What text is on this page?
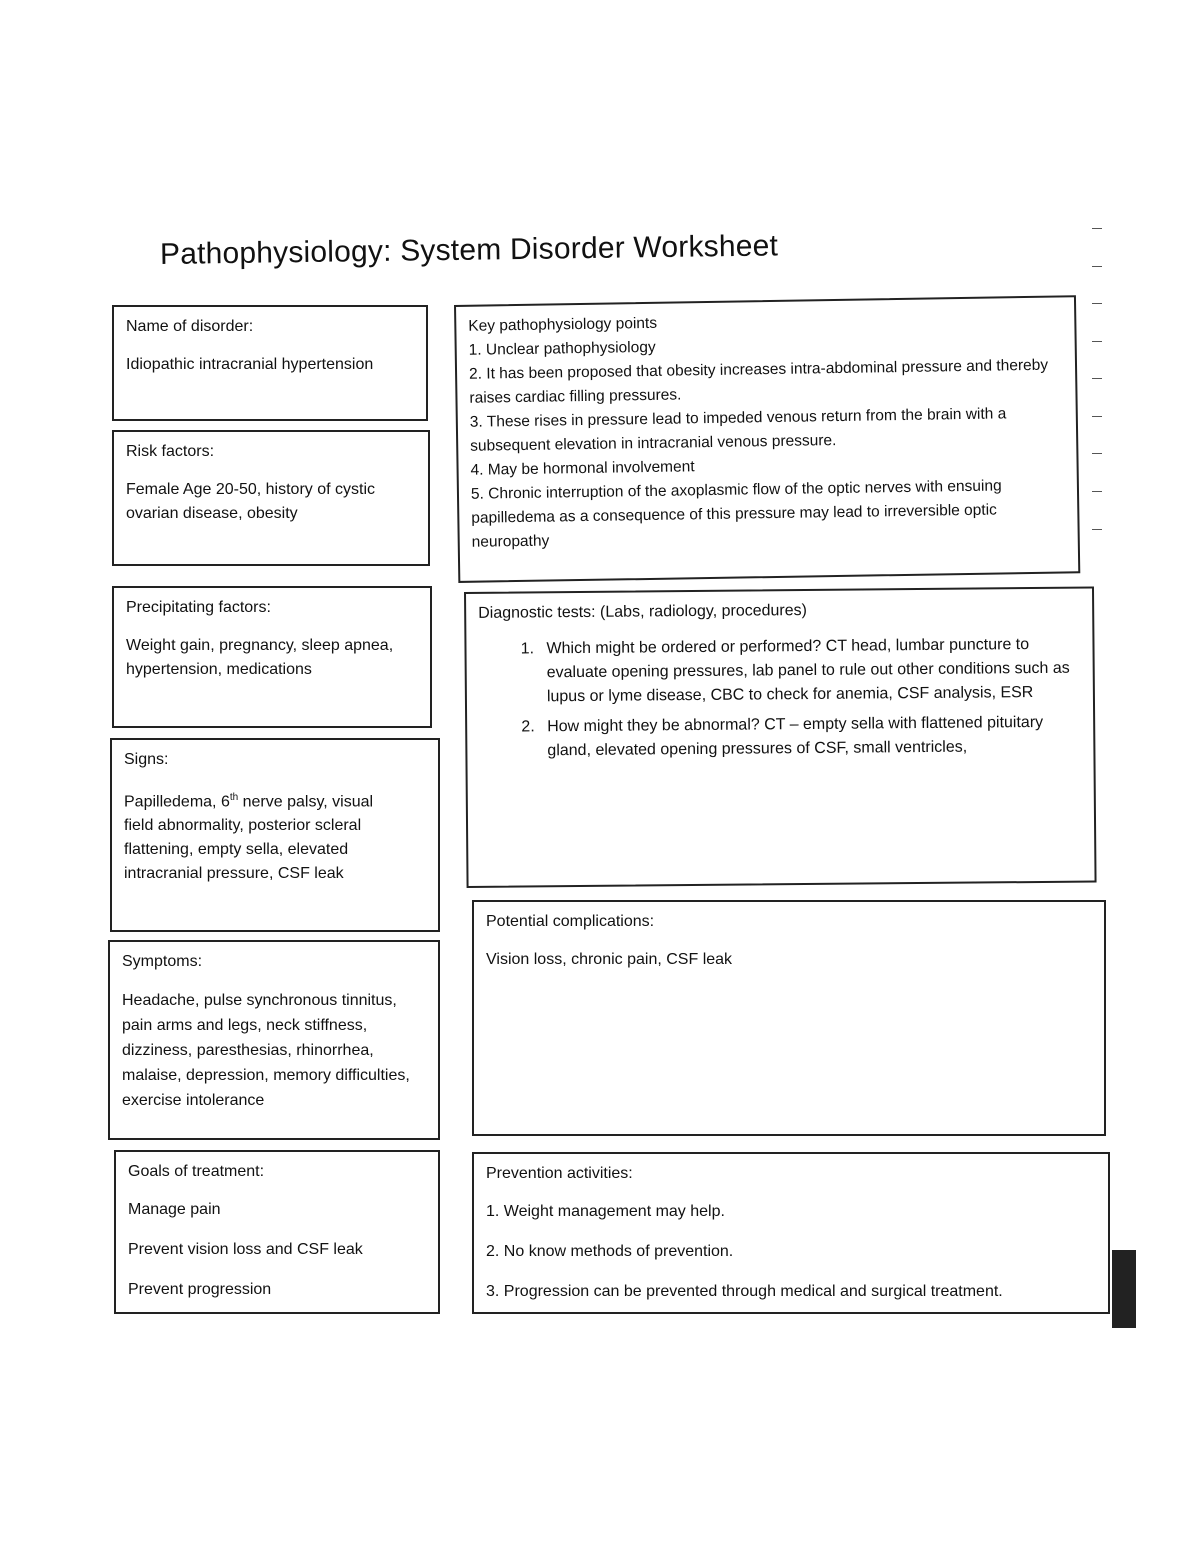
Pathophysiology: System Disorder Worksheet
Name of disorder:

Idiopathic intracranial hypertension

Risk factors:

Female Age 20-50, history of cystic ovarian disease, obesity

Precipitating factors:

Weight gain, pregnancy, sleep apnea, hypertension, medications

Signs:

Papilledema, 6th nerve palsy, visual field abnormality, posterior scleral flattening, empty sella, elevated intracranial pressure, CSF leak

Symptoms:

Headache, pulse synchronous tinnitus, pain arms and legs, neck stiffness, dizziness, paresthesias, rhinorrhea, malaise, depression, memory difficulties, exercise intolerance

Goals of treatment:
Manage pain
Prevent vision loss and CSF leak
Prevent progression
Key pathophysiology points
1. Unclear pathophysiology
2. It has been proposed that obesity increases intra-abdominal pressure and thereby raises cardiac filling pressures.
3. These rises in pressure lead to impeded venous return from the brain with a subsequent elevation in intracranial venous pressure.
4. May be hormonal involvement
5. Chronic interruption of the axoplasmic flow of the optic nerves with ensuing papilledema as a consequence of this pressure may lead to irreversible optic neuropathy
Diagnostic tests: (Labs, radiology, procedures)
1. Which might be ordered or performed? CT head, lumbar puncture to evaluate opening pressures, lab panel to rule out other conditions such as lupus or lyme disease, CBC to check for anemia, CSF analysis, ESR
2. How might they be abnormal? CT – empty sella with flattened pituitary gland, elevated opening pressures of CSF, small ventricles,
Potential complications:

Vision loss, chronic pain, CSF leak

Prevention activities:
1. Weight management may help.
2. No know methods of prevention.
3. Progression can be prevented through medical and surgical treatment.
